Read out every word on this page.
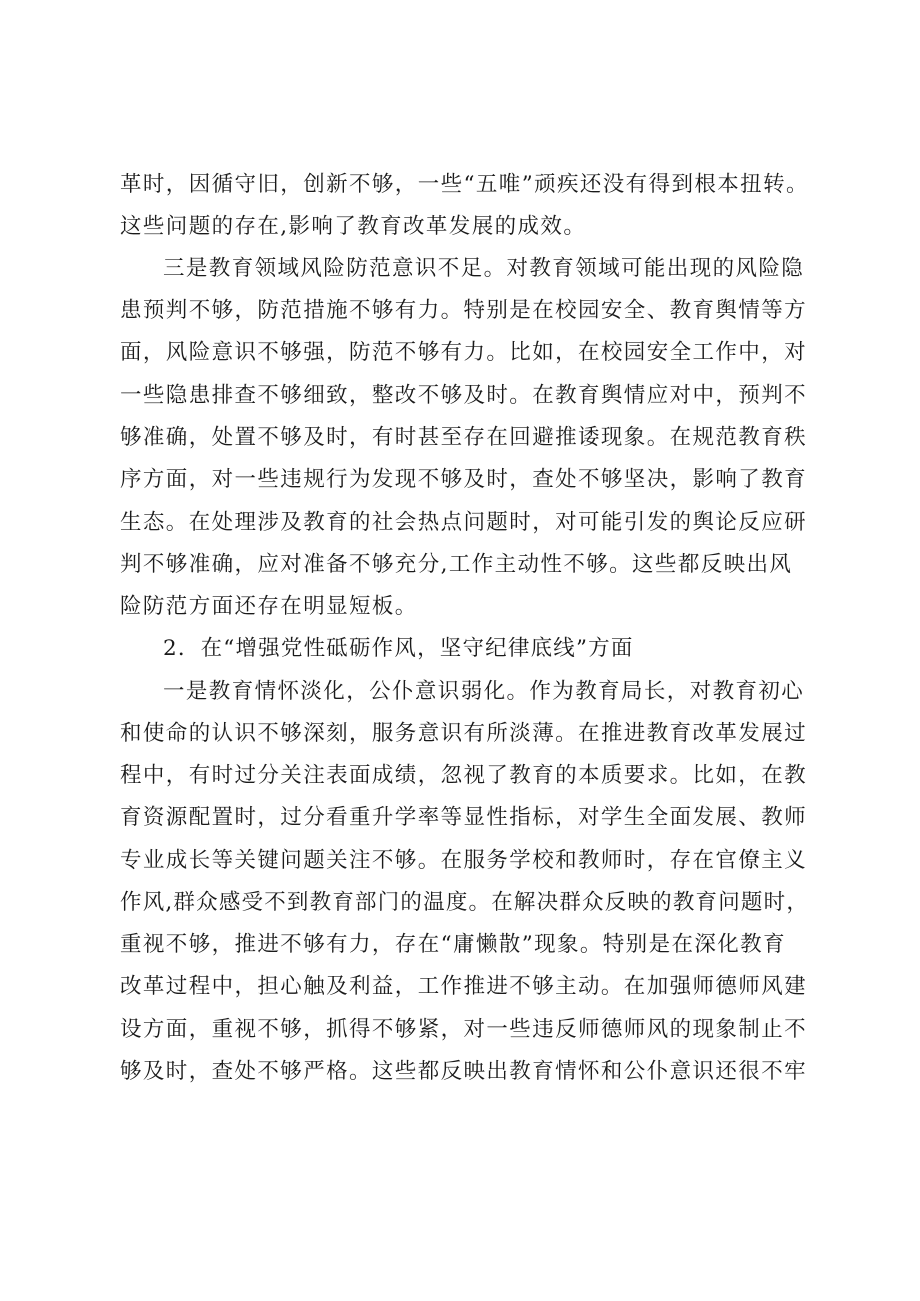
革时，因循守旧，创新不够，一些“五唯”顽疾还没有得到根本扭转。
这些问题的存在,影响了教育改革发展的成效。
三是教育领域风险防范意识不足。对教育领域可能出现的风险隐
患预判不够，防范措施不够有力。特别是在校园安全、教育舆情等方
面，风险意识不够强，防范不够有力。比如，在校园安全工作中，对
一些隐患排查不够细致，整改不够及时。在教育舆情应对中，预判不
够准确，处置不够及时，有时甚至存在回避推诿现象。在规范教育秩
序方面，对一些违规行为发现不够及时，查处不够坚决，影响了教育
生态。在处理涉及教育的社会热点问题时，对可能引发的舆论反应研
判不够准确，应对准备不够充分,工作主动性不够。这些都反映出风
险防范方面还存在明显短板。
2．在“增强党性砥砺作风，坚守纪律底线”方面
一是教育情怀淡化，公仆意识弱化。作为教育局长，对教育初心
和使命的认识不够深刻，服务意识有所淡薄。在推进教育改革发展过
程中，有时过分关注表面成绩，忽视了教育的本质要求。比如，在教
育资源配置时，过分看重升学率等显性指标，对学生全面发展、教师
专业成长等关键问题关注不够。在服务学校和教师时，存在官僚主义
作风,群众感受不到教育部门的温度。在解决群众反映的教育问题时，
重视不够，推进不够有力，存在“庸懒散”现象。特别是在深化教育
改革过程中，担心触及利益，工作推进不够主动。在加强师德师风建
设方面，重视不够，抓得不够紧，对一些违反师德师风的现象制止不
够及时，查处不够严格。这些都反映出教育情怀和公仆意识还很不牢
